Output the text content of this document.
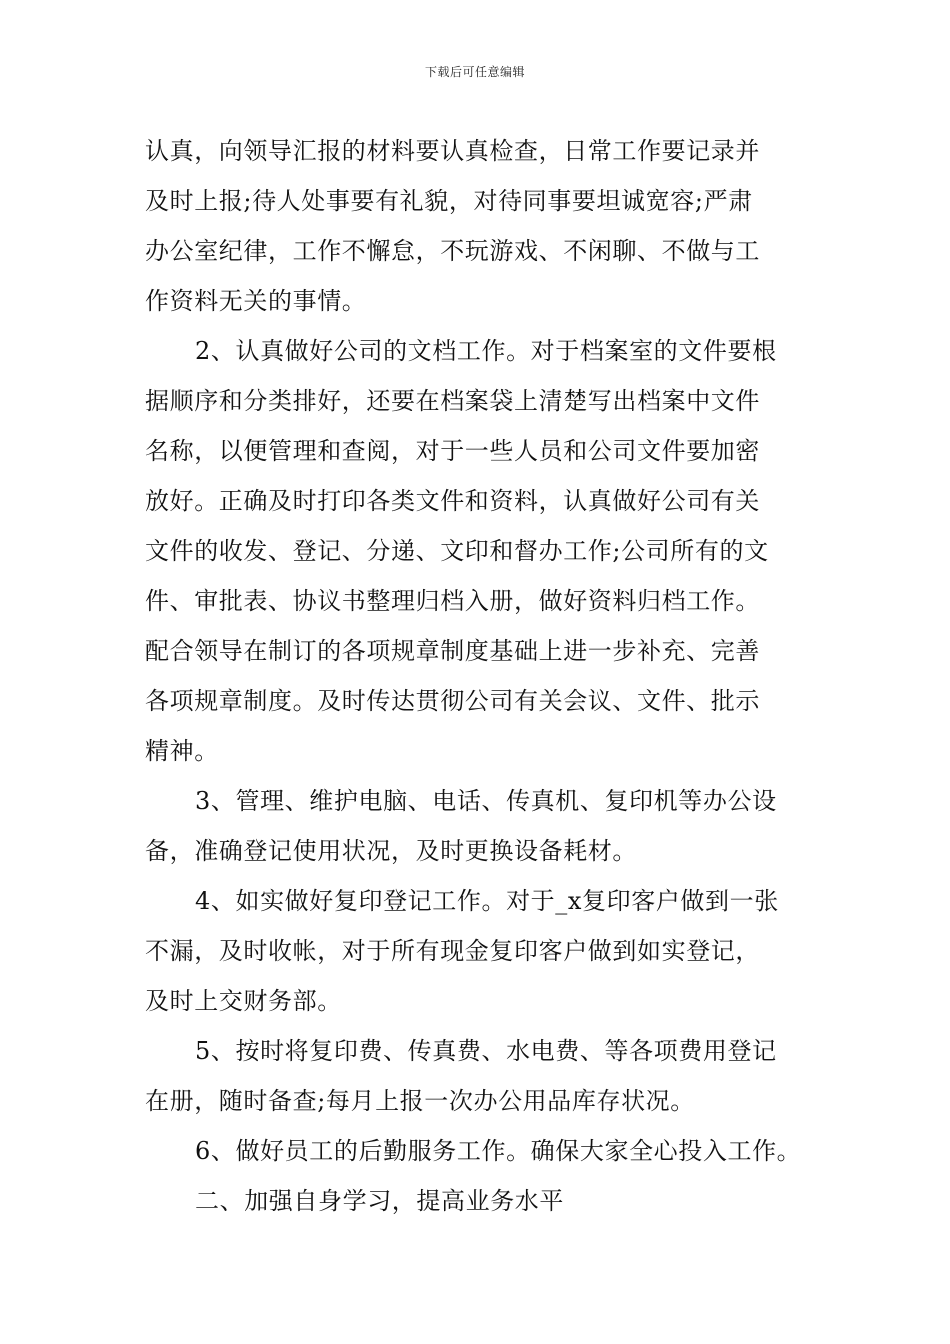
下载后可任意编辑
认真，向领导汇报的材料要认真检查，日常工作要记录并
及时上报;待人处事要有礼貌，对待同事要坦诚宽容;严肃
办公室纪律，工作不懈怠，不玩游戏、不闲聊、不做与工
作资料无关的事情。
2、认真做好公司的文档工作。对于档案室的文件要根
据顺序和分类排好，还要在档案袋上清楚写出档案中文件
名称，以便管理和查阅，对于一些人员和公司文件要加密
放好。正确及时打印各类文件和资料，认真做好公司有关
文件的收发、登记、分递、文印和督办工作;公司所有的文
件、审批表、协议书整理归档入册，做好资料归档工作。
配合领导在制订的各项规章制度基础上进一步补充、完善
各项规章制度。及时传达贯彻公司有关会议、文件、批示
精神。
3、管理、维护电脑、电话、传真机、复印机等办公设
备，准确登记使用状况，及时更换设备耗材。
4、如实做好复印登记工作。对于_x复印客户做到一张
不漏，及时收帐，对于所有现金复印客户做到如实登记，
及时上交财务部。
5、按时将复印费、传真费、水电费、等各项费用登记
在册，随时备查;每月上报一次办公用品库存状况。
6、做好员工的后勤服务工作。确保大家全心投入工作。
二、加强自身学习，提高业务水平
